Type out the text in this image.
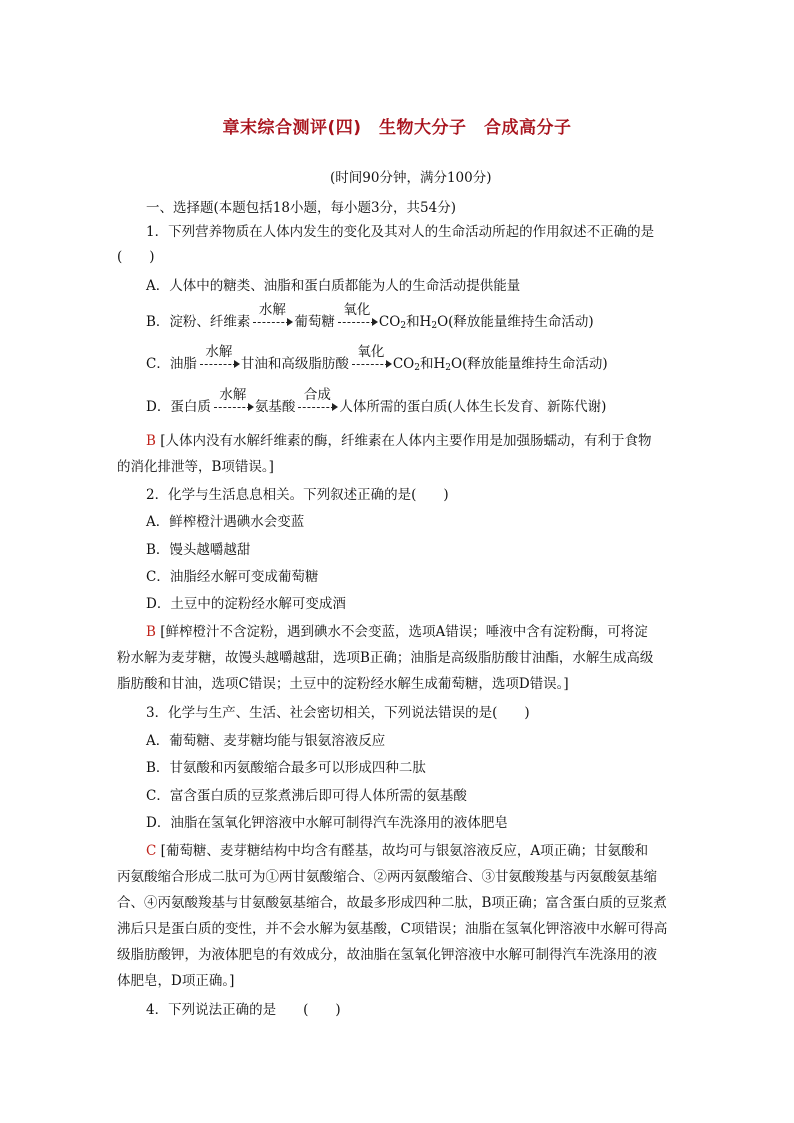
章末综合测评(四)　生物大分子　合成高分子
(时间90分钟，满分100分)
一、选择题(本题包括18小题，每小题3分，共54分)
1．下列营养物质在人体内发生的变化及其对人的生命活动所起的作用叙述不正确的是
(　　)
A．人体中的糖类、油脂和蛋白质都能为人的生命活动提供能量
B．淀粉、纤维素
水解
葡萄糖
氧化
$CO_2$和$H_2O$(释放能量维持生命活动)
C．油脂
水解
甘油和高级脂肪酸
氧化
$CO_2$和$H_2O$(释放能量维持生命活动)
D．蛋白质
水解
氨基酸
合成
人体所需的蛋白质(人体生长发育、新陈代谢)
B [人体内没有水解纤维素的酶，纤维素在人体内主要作用是加强肠蠕动，有利于食物
的消化排泄等，B项错误。]
2．化学与生活息息相关。下列叙述正确的是(　　)
A．鲜榨橙汁遇碘水会变蓝
B．馒头越嚼越甜
C．油脂经水解可变成葡萄糖
D．土豆中的淀粉经水解可变成酒
B [鲜榨橙汁不含淀粉，遇到碘水不会变蓝，选项A错误；唾液中含有淀粉酶，可将淀
粉水解为麦芽糖，故馒头越嚼越甜，选项B正确；油脂是高级脂肪酸甘油酯，水解生成高级
脂肪酸和甘油，选项C错误；土豆中的淀粉经水解生成葡萄糖，选项D错误。]
3．化学与生产、生活、社会密切相关，下列说法错误的是(　　)
A．葡萄糖、麦芽糖均能与银氨溶液反应
B．甘氨酸和丙氨酸缩合最多可以形成四种二肽
C．富含蛋白质的豆浆煮沸后即可得人体所需的氨基酸
D．油脂在氢氧化钾溶液中水解可制得汽车洗涤用的液体肥皂
C [葡萄糖、麦芽糖结构中均含有醛基，故均可与银氨溶液反应，A项正确；甘氨酸和
丙氨酸缩合形成二肽可为①两甘氨酸缩合、②两丙氨酸缩合、③甘氨酸羧基与丙氨酸氨基缩
合、④丙氨酸羧基与甘氨酸氨基缩合，故最多形成四种二肽，B项正确；富含蛋白质的豆浆煮
沸后只是蛋白质的变性，并不会水解为氨基酸，C项错误；油脂在氢氧化钾溶液中水解可得高
级脂肪酸钾，为液体肥皂的有效成分，故油脂在氢氧化钾溶液中水解可制得汽车洗涤用的液
体肥皂，D项正确。]
4．下列说法正确的是　　(　　)
